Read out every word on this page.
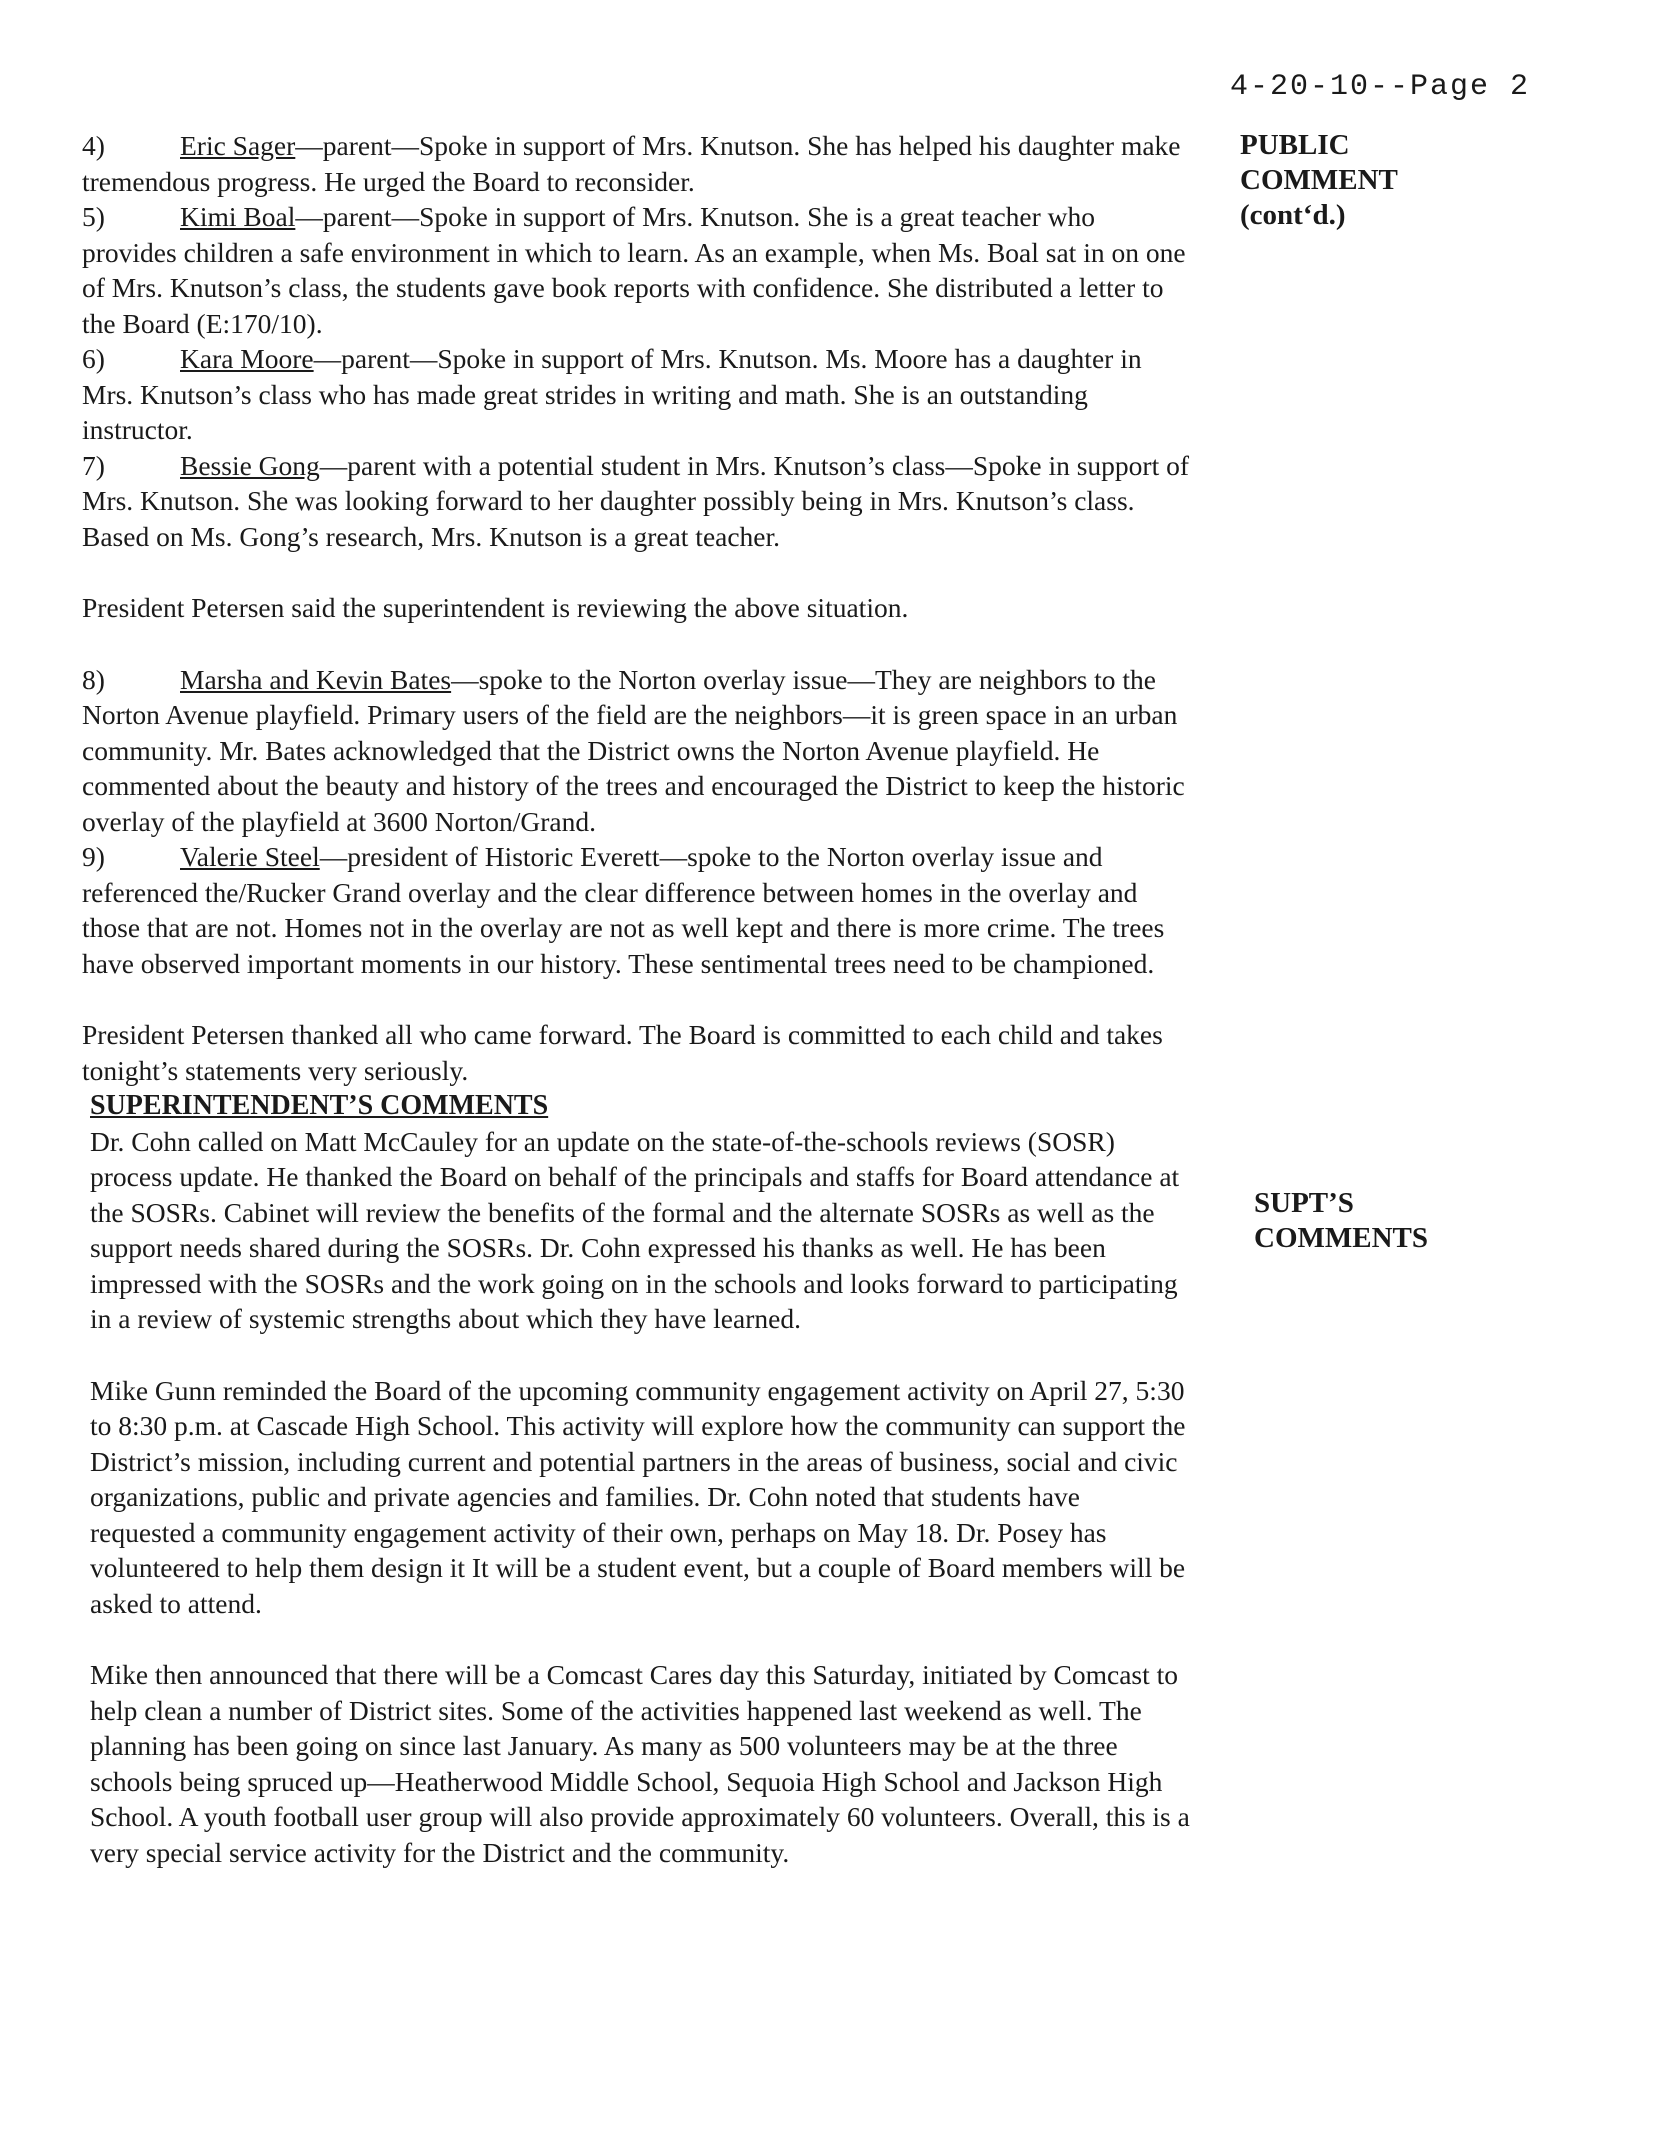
4-20-10--Page 2
PUBLIC
COMMENT
(cont‘d.)
SUPT’S
COMMENTS

4)	Eric Sager—parent—Spoke in support of Mrs. Knutson. She has helped his daughter make tremendous progress. He urged the Board to reconsider.

5)	Kimi Boal—parent—Spoke in support of Mrs. Knutson. She is a great teacher who provides children a safe environment in which to learn. As an example, when Ms. Boal sat in on one of Mrs. Knutson’s class, the students gave book reports with confidence. She distributed a letter to the Board (E:170/10).

6)	Kara Moore—parent—Spoke in support of Mrs. Knutson. Ms. Moore has a daughter in Mrs. Knutson’s class who has made great strides in writing and math. She is an outstanding instructor.

7)	Bessie Gong—parent with a potential student in Mrs. Knutson’s class—Spoke in support of Mrs. Knutson. She was looking forward to her daughter possibly being in Mrs. Knutson’s class. Based on Ms. Gong’s research, Mrs. Knutson is a great teacher.

President Petersen said the superintendent is reviewing the above situation.

8)	Marsha and Kevin Bates—spoke to the Norton overlay issue—They are neighbors to the Norton Avenue playfield. Primary users of the field are the neighbors—it is green space in an urban community. Mr. Bates acknowledged that the District owns the Norton Avenue playfield. He commented about the beauty and history of the trees and encouraged the District to keep the historic overlay of the playfield at 3600 Norton/Grand.

9)	Valerie Steel—president of Historic Everett—spoke to the Norton overlay issue and referenced the/Rucker Grand overlay and the clear difference between homes in the overlay and those that are not. Homes not in the overlay are not as well kept and there is more crime. The trees have observed important moments in our history. These sentimental trees need to be championed.

President Petersen thanked all who came forward. The Board is committed to each child and takes tonight’s statements very seriously.

SUPERINTENDENT’S COMMENTS

Dr. Cohn called on Matt McCauley for an update on the state-of-the-schools reviews (SOSR) process update. He thanked the Board on behalf of the principals and staffs for Board attendance at the SOSRs. Cabinet will review the benefits of the formal and the alternate SOSRs as well as the support needs shared during the SOSRs. Dr. Cohn expressed his thanks as well. He has been impressed with the SOSRs and the work going on in the schools and looks forward to participating in a review of systemic strengths about which they have learned.

Mike Gunn reminded the Board of the upcoming community engagement activity on April 27, 5:30 to 8:30 p.m. at Cascade High School. This activity will explore how the community can support the District’s mission, including current and potential partners in the areas of business, social and civic organizations, public and private agencies and families. Dr. Cohn noted that students have requested a community engagement activity of their own, perhaps on May 18. Dr. Posey has volunteered to help them design it It will be a student event, but a couple of Board members will be asked to attend.

Mike then announced that there will be a Comcast Cares day this Saturday, initiated by Comcast to help clean a number of District sites. Some of the activities happened last weekend as well. The planning has been going on since last January. As many as 500 volunteers may be at the three schools being spruced up—Heatherwood Middle School, Sequoia High School and Jackson High School. A youth football user group will also provide approximately 60 volunteers. Overall, this is a very special service activity for the District and the community.
